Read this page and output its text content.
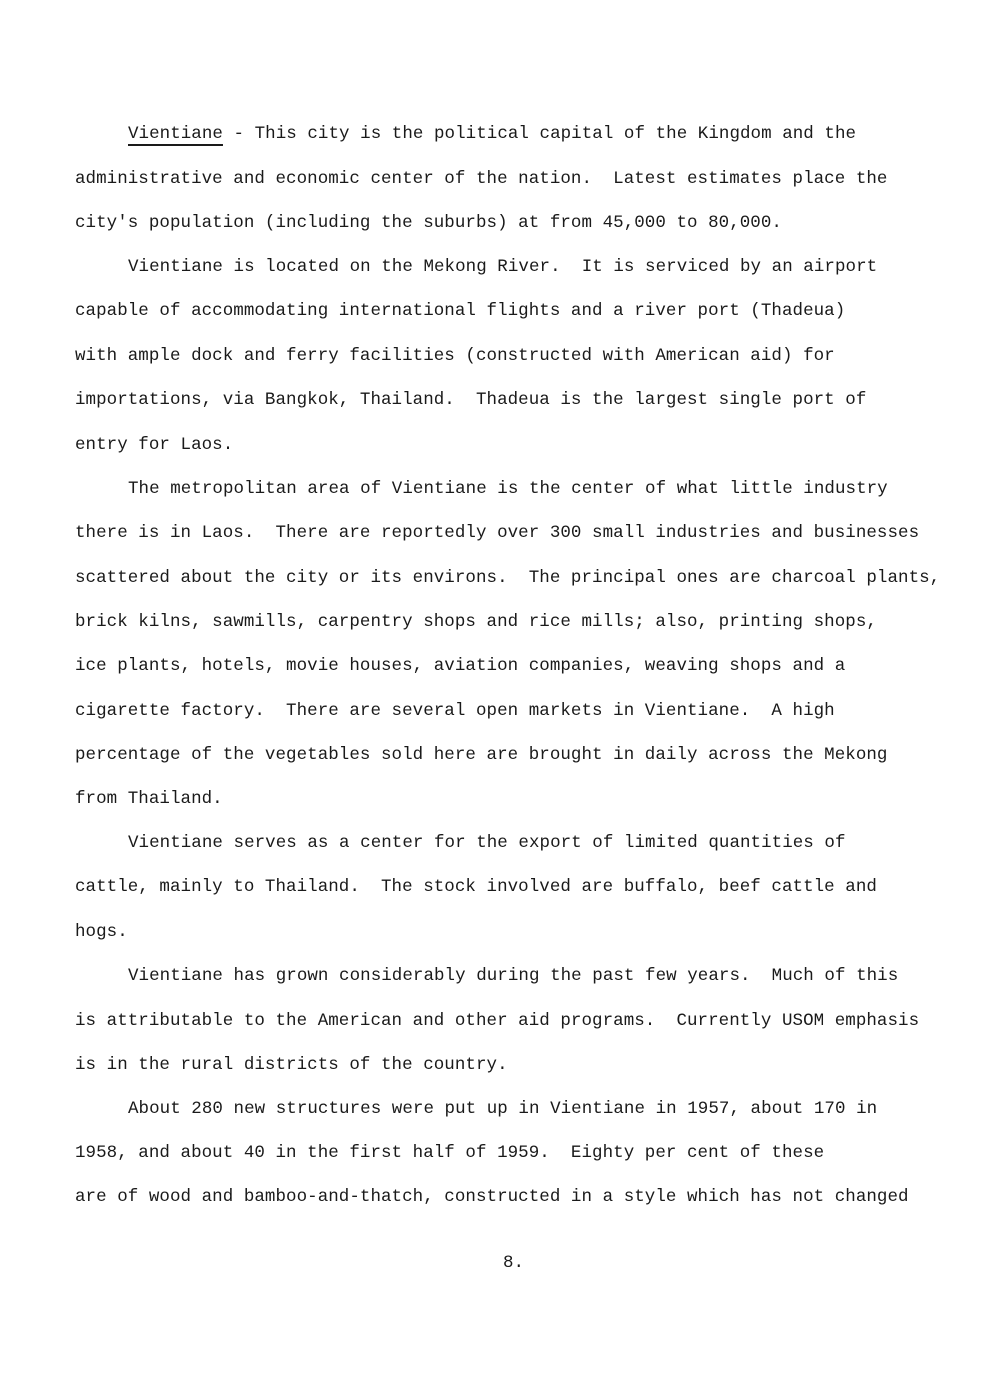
Vientiane - This city is the political capital of the Kingdom and the
administrative and economic center of the nation.  Latest estimates place the
city's population (including the suburbs) at from 45,000 to 80,000.
Vientiane is located on the Mekong River.  It is serviced by an airport
capable of accommodating international flights and a river port (Thadeua)
with ample dock and ferry facilities (constructed with American aid) for
importations, via Bangkok, Thailand.  Thadeua is the largest single port of
entry for Laos.
The metropolitan area of Vientiane is the center of what little industry
there is in Laos.  There are reportedly over 300 small industries and businesses
scattered about the city or its environs.  The principal ones are charcoal plants,
brick kilns, sawmills, carpentry shops and rice mills; also, printing shops,
ice plants, hotels, movie houses, aviation companies, weaving shops and a
cigarette factory.  There are several open markets in Vientiane.  A high
percentage of the vegetables sold here are brought in daily across the Mekong
from Thailand.
Vientiane serves as a center for the export of limited quantities of
cattle, mainly to Thailand.  The stock involved are buffalo, beef cattle and
hogs.
Vientiane has grown considerably during the past few years.  Much of this
is attributable to the American and other aid programs.  Currently USOM emphasis
is in the rural districts of the country.
About 280 new structures were put up in Vientiane in 1957, about 170 in
1958, and about 40 in the first half of 1959.  Eighty per cent of these
are of wood and bamboo-and-thatch, constructed in a style which has not changed
8.
